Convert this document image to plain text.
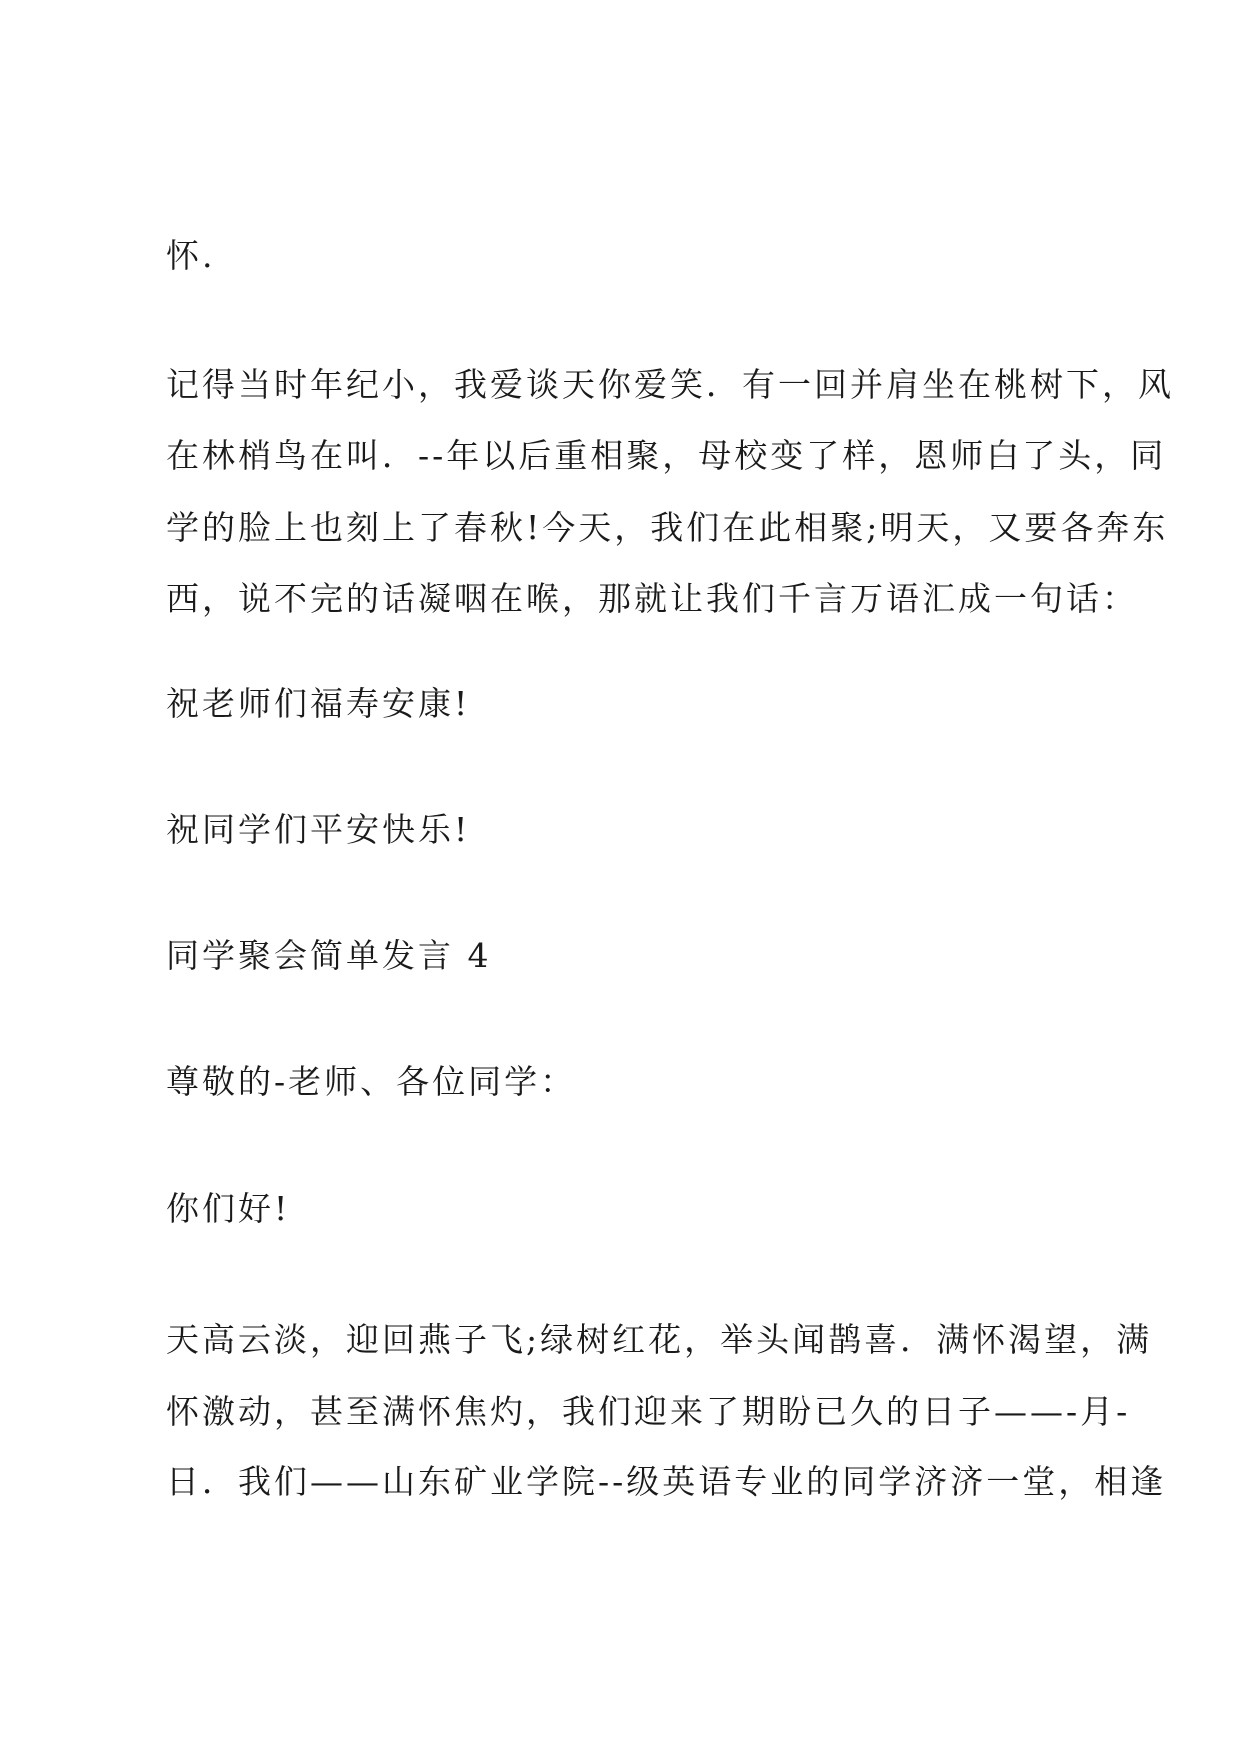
怀.
记得当时年纪小，我爱谈天你爱笑．有一回并肩坐在桃树下，风
在林梢鸟在叫．--年以后重相聚，母校变了样，恩师白了头，同
学的脸上也刻上了春秋!今天，我们在此相聚;明天，又要各奔东
西，说不完的话凝咽在喉，那就让我们千言万语汇成一句话：
祝老师们福寿安康!
祝同学们平安快乐!
同学聚会简单发言 4
尊敬的-老师、各位同学：
你们好!
天高云淡，迎回燕子飞;绿树红花，举头闻鹊喜．满怀渴望，满
怀激动，甚至满怀焦灼，我们迎来了期盼已久的日子——-月-
日．我们——山东矿业学院--级英语专业的同学济济一堂，相逢
